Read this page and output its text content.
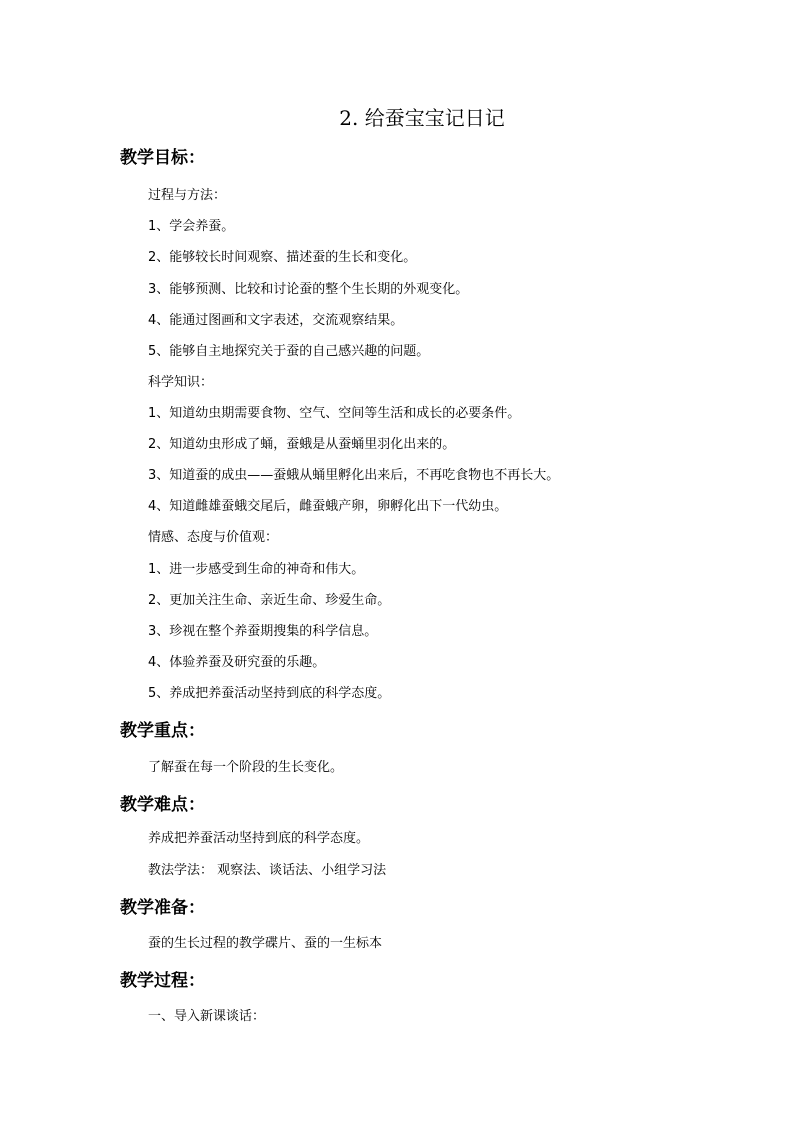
2. 给蚕宝宝记日记
教学目标：
过程与方法：
1、学会养蚕。
2、能够较长时间观察、描述蚕的生长和变化。
3、能够预测、比较和讨论蚕的整个生长期的外观变化。
4、能通过图画和文字表述，交流观察结果。
5、能够自主地探究关于蚕的自己感兴趣的问题。
科学知识：
1、知道幼虫期需要食物、空气、空间等生活和成长的必要条件。
2、知道幼虫形成了蛹，蚕蛾是从蚕蛹里羽化出来的。
3、知道蚕的成虫——蚕蛾从蛹里孵化出来后，不再吃食物也不再长大。
4、知道雌雄蚕蛾交尾后，雌蚕蛾产卵，卵孵化出下一代幼虫。
情感、态度与价值观：
1、进一步感受到生命的神奇和伟大。
2、更加关注生命、亲近生命、珍爱生命。
3、珍视在整个养蚕期搜集的科学信息。
4、体验养蚕及研究蚕的乐趣。
5、养成把养蚕活动坚持到底的科学态度。
教学重点：
了解蚕在每一个阶段的生长变化。
教学难点：
养成把养蚕活动坚持到底的科学态度。
教法学法： 观察法、谈话法、小组学习法
教学准备：
蚕的生长过程的教学碟片、蚕的一生标本
教学过程：
一、导入新课谈话：
